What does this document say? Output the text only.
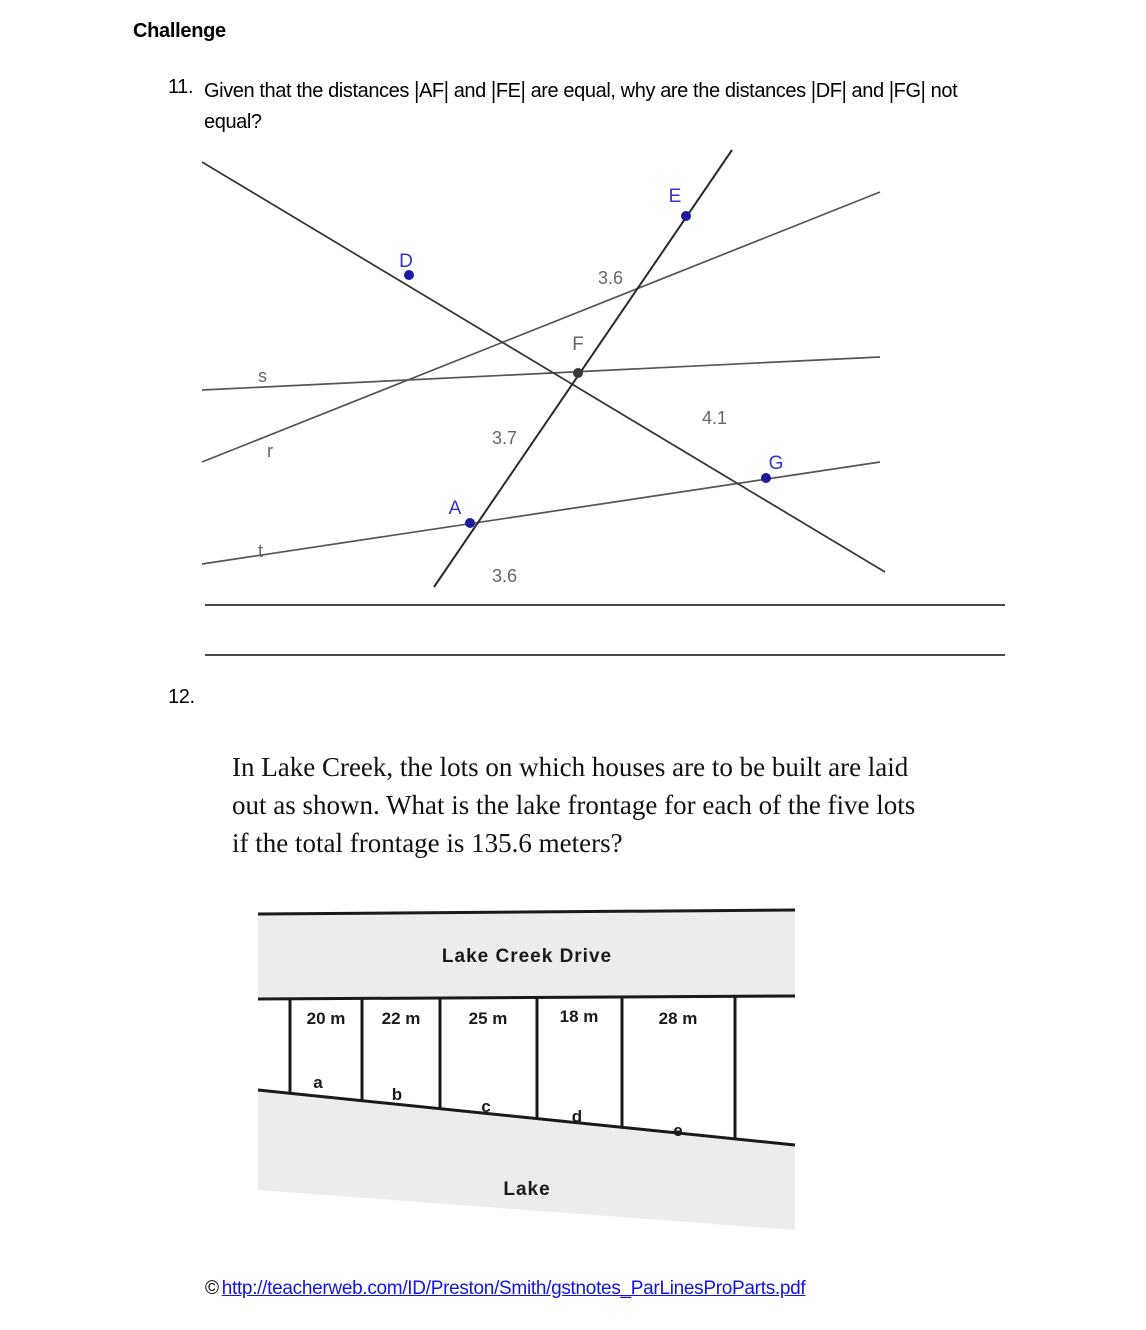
Challenge
11. Given that the distances |AF| and |FE| are equal, why are the distances |DF| and |FG| not equal?
r
s
t
3.7
3.6
3.6
4.1
D
E
F
A
G
12.
In Lake Creek, the lots on which houses are to be built are laid out as shown. What is the lake frontage for each of the five lots if the total frontage is 135.6 meters?
Lake Creek Drive
Lake
20 m 22 m	25 m	18 m	28 m
a
b
c
d
e
© http://teacherweb.com/ID/Preston/Smith/gstnotes_ParLinesProParts.pdf
